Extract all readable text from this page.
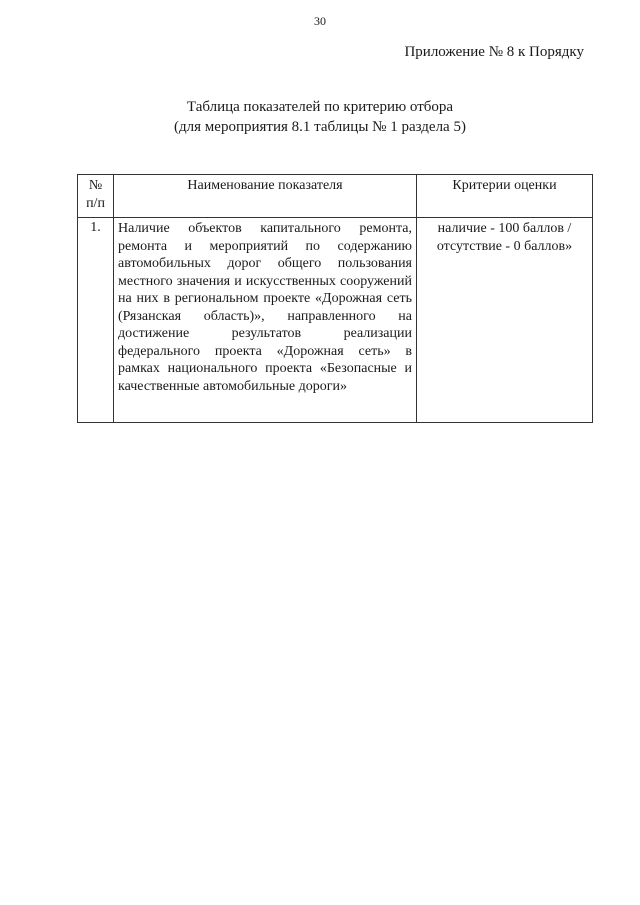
30
Приложение № 8 к Порядку
Таблица показателей по критерию отбора
(для мероприятия 8.1 таблицы № 1 раздела 5)
№
п/п	Наименование показателя	Критерии оценки
1.	Наличие объектов капитального ремонта, ремонта и мероприятий по содержанию автомобильных дорог общего пользования местного значения и искусственных сооружений на них в региональном проекте «Дорожная сеть (Рязанская область)», направленного на достижение результатов реализации федерального проекта «Дорожная сеть» в рамках национального проекта «Безопасные и качественные автомобильные дороги»	наличие - 100 баллов /
отсутствие - 0 баллов»
